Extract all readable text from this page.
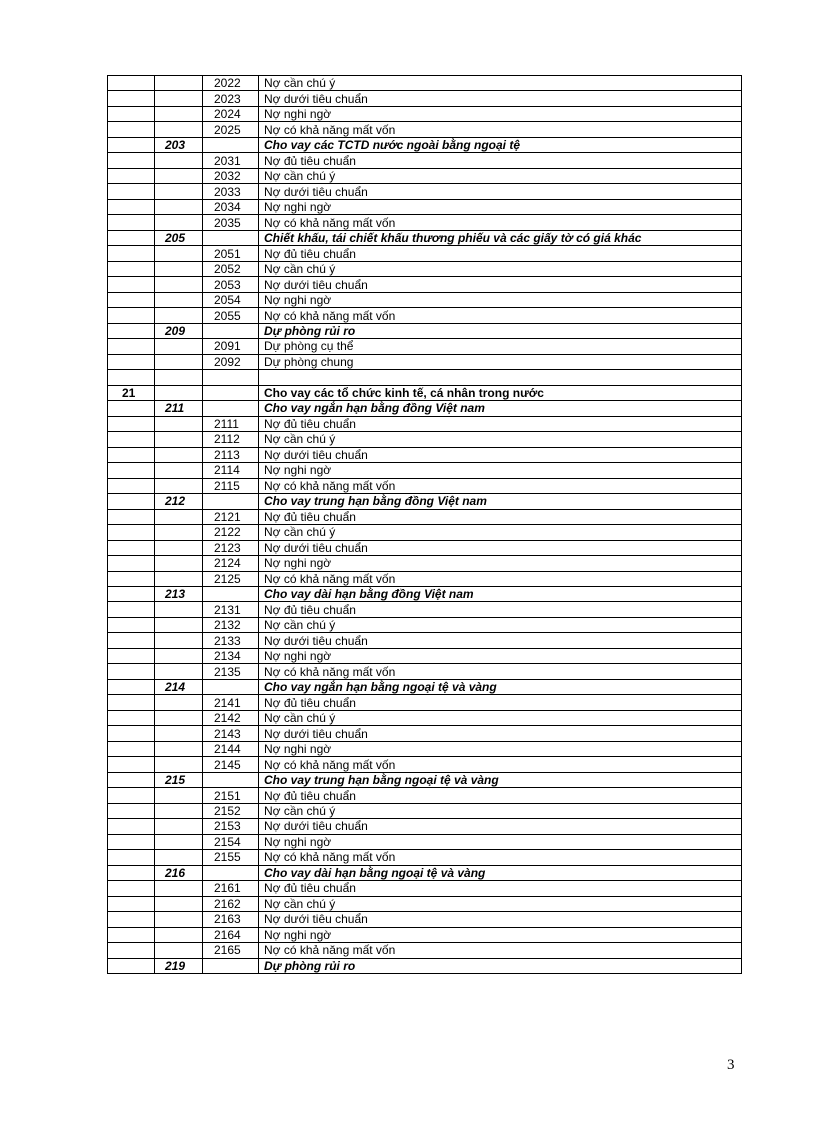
		2022	Nợ cần chú ý
		2023	Nợ dưới tiêu chuẩn
		2024	Nợ nghi ngờ
		2025	Nợ có khả năng mất vốn
	203		Cho vay các TCTD nước ngoài bằng ngoại tệ
		2031	Nợ đủ tiêu chuẩn
		2032	Nợ cần chú ý
		2033	Nợ dưới tiêu chuẩn
		2034	Nợ nghi ngờ
		2035	Nợ có khả năng mất vốn
	205		Chiết khấu, tái chiết khấu thương phiếu và các giấy tờ có giá khác
		2051	Nợ đủ tiêu chuẩn
		2052	Nợ cần chú ý
		2053	Nợ dưới tiêu chuẩn
		2054	Nợ nghi ngờ
		2055	Nợ có khả năng mất vốn
	209		Dự phòng rủi ro
		2091	Dự phòng cụ thể
		2092	Dự phòng chung

21			Cho vay các tổ chức kinh tế, cá nhân trong nước
	211		Cho vay ngắn hạn bằng đồng Việt nam
		2111	Nợ đủ tiêu chuẩn
		2112	Nợ cần chú ý
		2113	Nợ dưới tiêu chuẩn
		2114	Nợ nghi ngờ
		2115	Nợ có khả năng mất vốn
	212		Cho vay trung hạn bằng đồng Việt nam
		2121	Nợ đủ tiêu chuẩn
		2122	Nợ cần chú ý
		2123	Nợ dưới tiêu chuẩn
		2124	Nợ nghi ngờ
		2125	Nợ có khả năng mất vốn
	213		Cho vay dài hạn bằng đồng Việt nam
		2131	Nợ đủ tiêu chuẩn
		2132	Nợ cần chú ý
		2133	Nợ dưới tiêu chuẩn
		2134	Nợ nghi ngờ
		2135	Nợ có khả năng mất vốn
	214		Cho vay ngắn hạn bằng ngoại tệ và vàng
		2141	Nợ đủ tiêu chuẩn
		2142	Nợ cần chú ý
		2143	Nợ dưới tiêu chuẩn
		2144	Nợ nghi ngờ
		2145	Nợ có khả năng mất vốn
	215		Cho vay trung hạn bằng ngoại tệ và vàng
		2151	Nợ đủ tiêu chuẩn
		2152	Nợ cần chú ý
		2153	Nợ dưới tiêu chuẩn
		2154	Nợ nghi ngờ
		2155	Nợ có khả năng mất vốn
	216		Cho vay dài hạn bằng ngoại tệ và vàng
		2161	Nợ đủ tiêu chuẩn
		2162	Nợ cần chú ý
		2163	Nợ dưới tiêu chuẩn
		2164	Nợ nghi ngờ
		2165	Nợ có khả năng mất vốn
	219		Dự phòng rủi ro
3
